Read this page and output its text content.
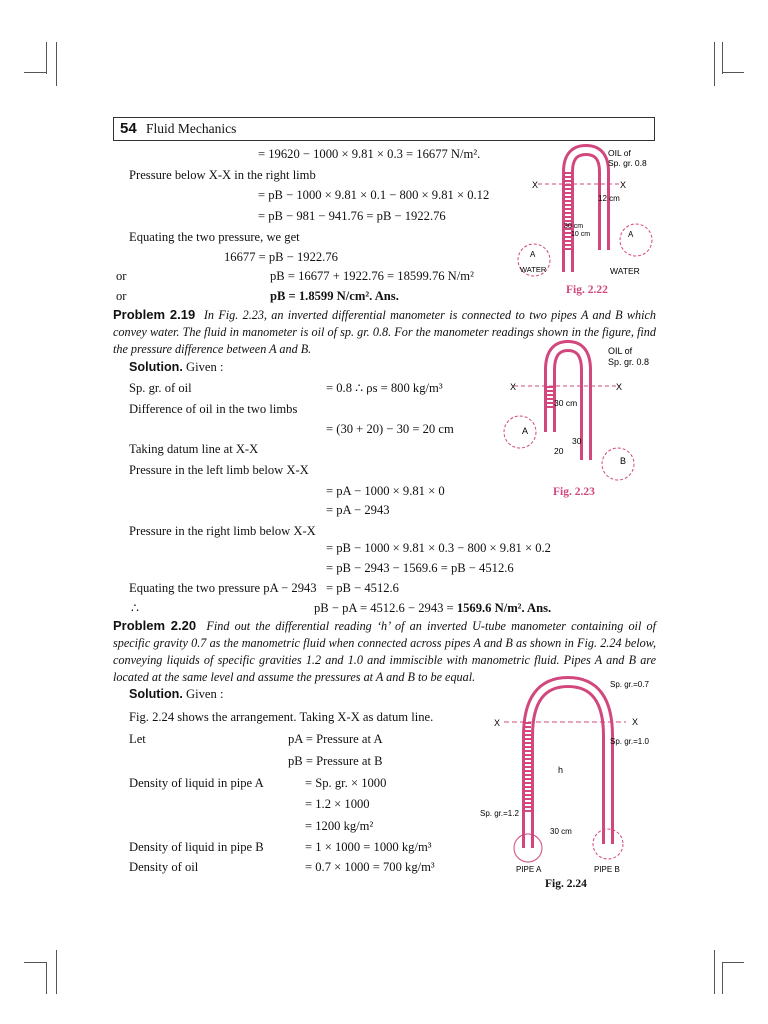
54 Fluid Mechanics
= 19620 − 1000 × 9.81 × 0.3 = 16677 N/m².
Pressure below X-X in the right limb
= pB − 1000 × 9.81 × 0.1 − 800 × 9.81 × 0.12
= pB − 981 − 941.76 = pB − 1922.76
Equating the two pressure, we get
16677 = pB − 1922.76
or	pB = 16677 + 1922.76 = 18599.76 N/m²
or	pB = 1.8599 N/cm². Ans.
Problem 2.19 In Fig. 2.23, an inverted differential manometer is connected to two pipes A and B which convey water. The fluid in manometer is oil of sp. gr. 0.8. For the manometer readings shown in the figure, find the pressure difference between A and B.
Solution. Given :
Sp. gr. of oil	= 0.8 ∴ ρs = 800 kg/m³
Difference of oil in the two limbs
= (30 + 20) − 30 = 20 cm
Taking datum line at X-X
Pressure in the left limb below X-X
= pA − 1000 × 9.81 × 0
= pA − 2943
Pressure in the right limb below X-X
= pB − 1000 × 9.81 × 0.3 − 800 × 9.81 × 0.2
= pB − 2943 − 1569.6 = pB − 4512.6
Equating the two pressure pA − 2943 = pB − 4512.6
∴	pB − pA = 4512.6 − 2943 = 1569.6 N/m². Ans.
Problem 2.20 Find out the differential reading ‘h’ of an inverted U-tube manometer containing oil of specific gravity 0.7 as the manometric fluid when connected across pipes A and B as shown in Fig. 2.24 below, conveying liquids of specific gravities 1.2 and 1.0 and immiscible with manometric fluid. Pipes A and B are located at the same level and assume the pressures at A and B to be equal.
Solution. Given :
Fig. 2.24 shows the arrangement. Taking X-X as datum line.
Let	pA = Pressure at A
pB = Pressure at B
Density of liquid in pipe A	= Sp. gr. × 1000
= 1.2 × 1000
= 1200 kg/m²
Density of liquid in pipe B	= 1 × 1000 = 1000 kg/m³
Density of oil	= 0.7 × 1000 = 700 kg/m³
X	X
OIL of
Sp. gr. 0.8
12 cm
30 cm
10 cm
A
A
WATER	WATER
Fig. 2.22
X	X
OIL of
Sp. gr. 0.8
30 cm
30
20
A
B
Fig. 2.23
X	X
Sp. gr.=0.7
Sp. gr.=1.0
Sp. gr.=1.2
h
30 cm
PIPE A	PIPE B
Fig. 2.24
